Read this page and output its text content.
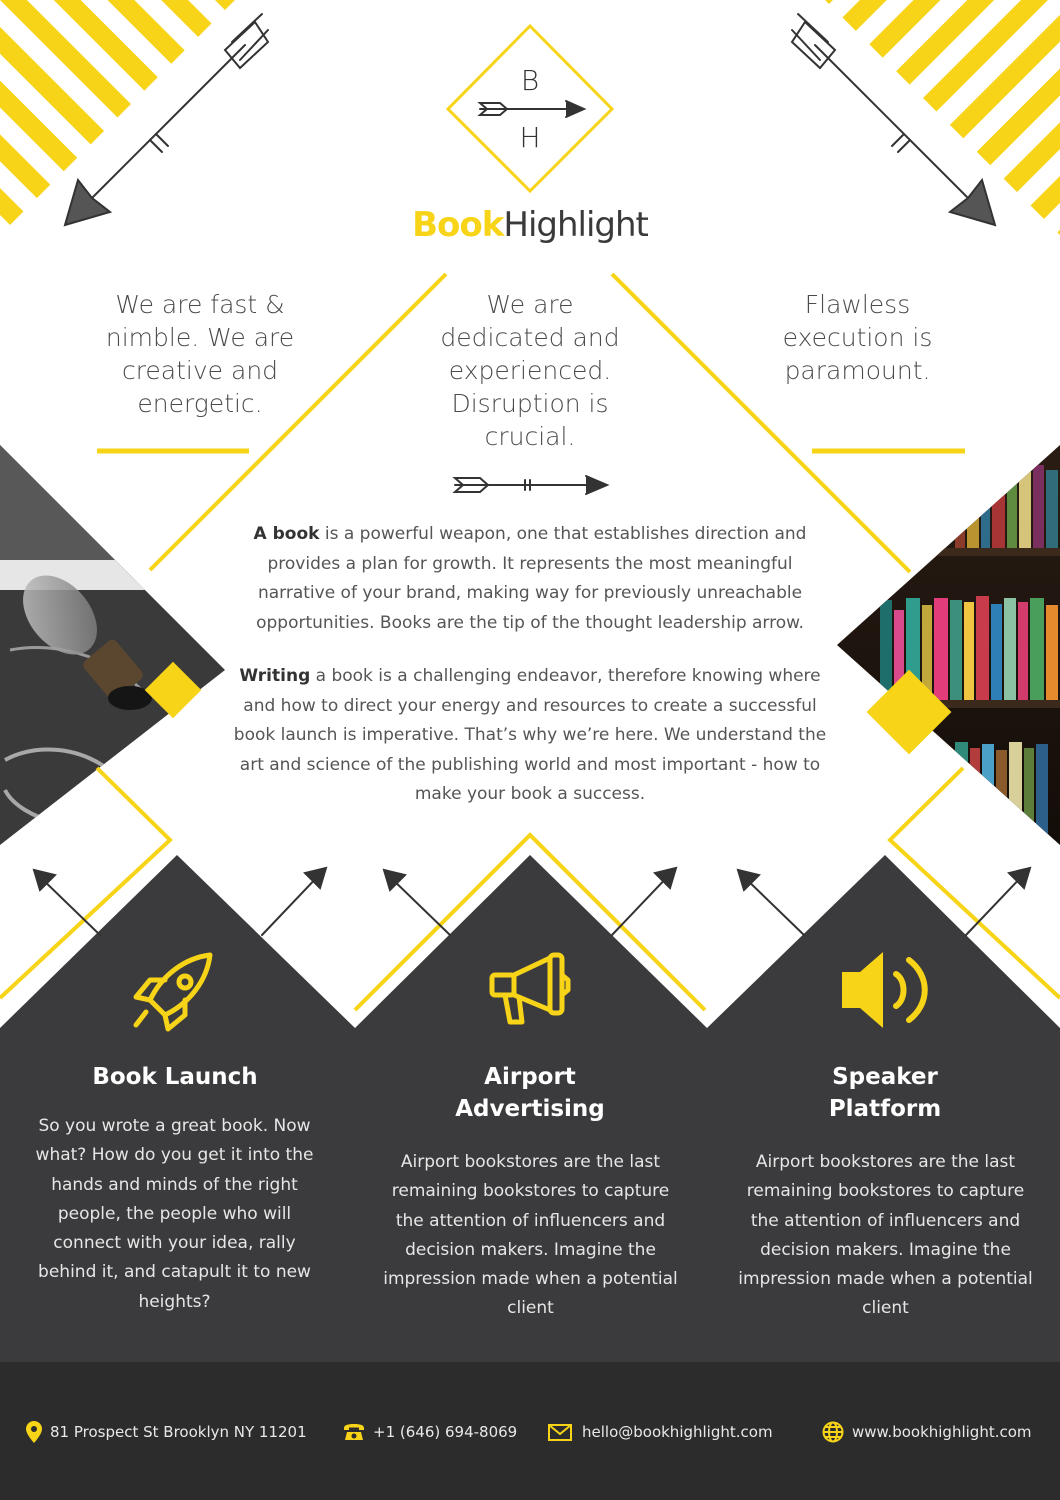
B
H
BookHighlight
We are fast & nimble. We are creative and energetic.
We are dedicated and experienced. Disruption is crucial.
Flawless execution is paramount.
A book is a powerful weapon, one that establishes direction and provides a plan for growth. It represents the most meaningful narrative of your brand, making way for previously unreachable opportunities. Books are the tip of the thought leadership arrow.
Writing a book is a challenging endeavor, therefore knowing where and how to direct your energy and resources to create a successful book launch is imperative. That’s why we’re here. We understand the art and science of the publishing world and most important - how to make your book a success.
Book Launch
So you wrote a great book. Now what? How do you get it into the hands and minds of the right people, the people who will connect with your idea, rally behind it, and catapult it to new heights?
Airport Advertising
Airport bookstores are the last remaining bookstores to capture the attention of influencers and decision makers. Imagine the impression made when a potential client
Speaker Platform
Airport bookstores are the last remaining bookstores to capture the attention of influencers and decision makers. Imagine the impression made when a potential client
81 Prospect St Brooklyn NY 11201	+1 (646) 694-8069	hello@bookhighlight.com	www.bookhighlight.com
